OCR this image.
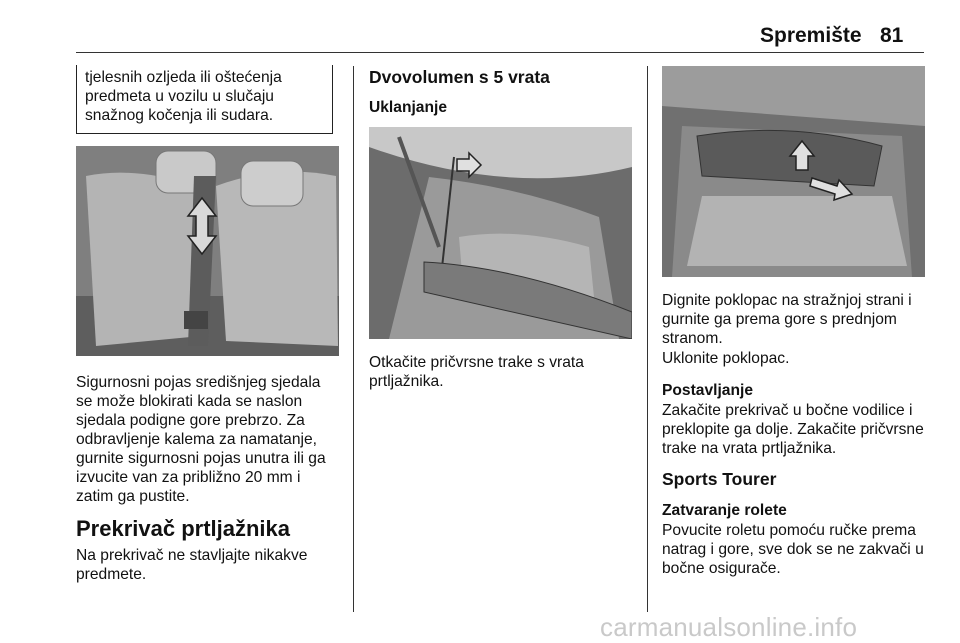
Spremište 81
tjelesnih ozljeda ili oštećenja predmeta u vozilu u slučaju snažnog kočenja ili sudara.

Sigurnosni pojas središnjeg sjedala se može blokirati kada se naslon sjedala podigne gore prebrzo. Za odbravljenje kalema za namatanje, gurnite sigurnosni pojas unutra ili ga izvucite van za približno 20 mm i zatim ga pustite.

Prekrivač prtljažnika

Na prekrivač ne stavljajte nikakve predmete.

Dvovolumen s 5 vrata
Uklanjanje

Otkačite pričvrsne trake s vrata prtljažnika.

Dignite poklopac na stražnjoj strani i gurnite ga prema gore s prednjom stranom.

Uklonite poklopac.

Postavljanje

Zakačite prekrivač u bočne vodilice i preklopite ga dolje. Zakačite pričvrsne trake na vrata prtljažnika.

Sports Tourer
Zatvaranje rolete

Povucite roletu pomoću ručke prema natrag i gore, sve dok se ne zakvači u bočne osigurače.

carmanualsonline.info
